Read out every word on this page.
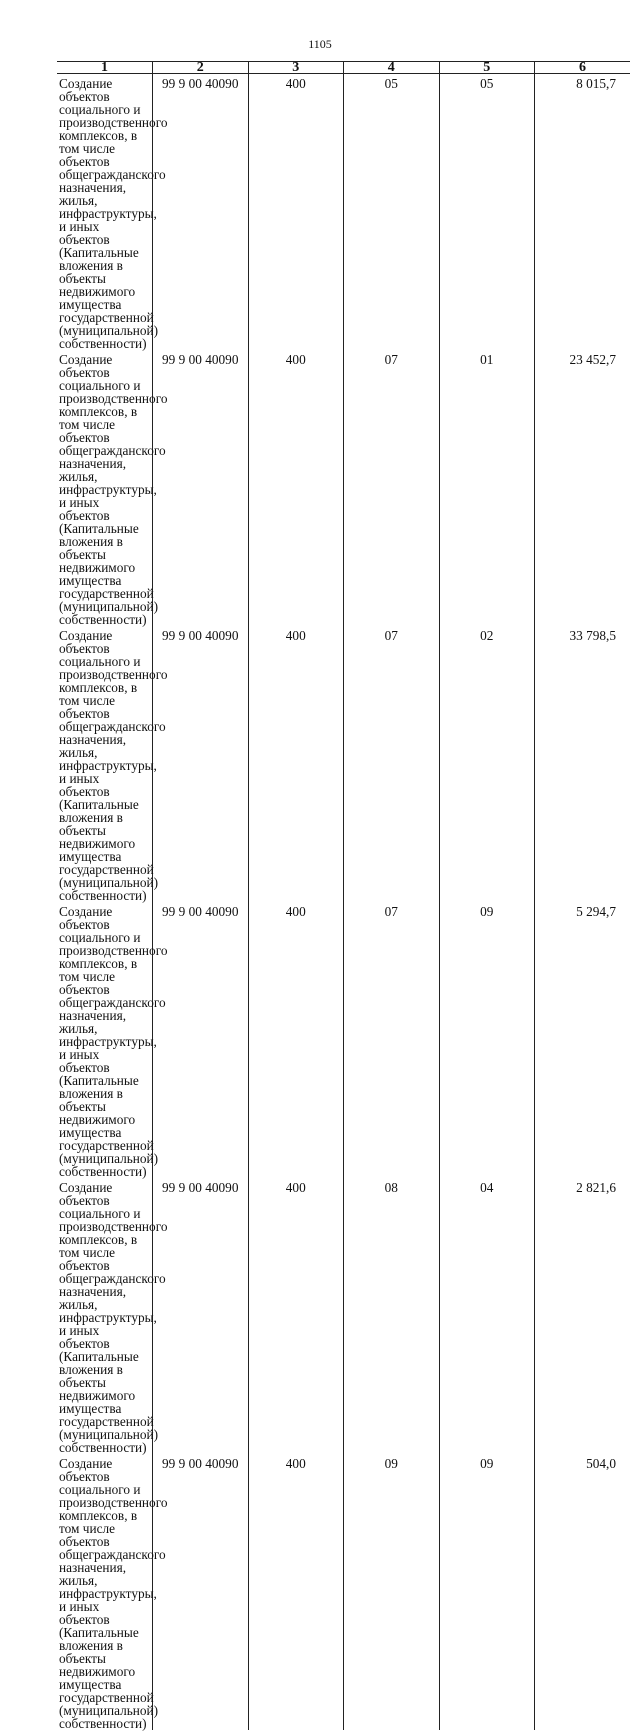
1105
1	2	3	4	5	6

Создание объектов социального и производственного комплексов, в том числе объектов общегражданского назначения, жилья, инфраструктуры, и иных объектов (Капитальные вложения в объекты недвижимого имущества государственной (муниципальной) собственности)	99 9 00 40090	400	05	05	8 015,7

Создание объектов социального и производственного комплексов, в том числе объектов общегражданского назначения, жилья, инфраструктуры, и иных объектов (Капитальные вложения в объекты недвижимого имущества государственной (муниципальной) собственности)	99 9 00 40090	400	07	01	23 452,7

Создание объектов социального и производственного комплексов, в том числе объектов общегражданского назначения, жилья, инфраструктуры, и иных объектов (Капитальные вложения в объекты недвижимого имущества государственной (муниципальной) собственности)	99 9 00 40090	400	07	02	33 798,5

Создание объектов социального и производственного комплексов, в том числе объектов общегражданского назначения, жилья, инфраструктуры, и иных объектов (Капитальные вложения в объекты недвижимого имущества государственной (муниципальной) собственности)	99 9 00 40090	400	07	09	5 294,7

Создание объектов социального и производственного комплексов, в том числе объектов общегражданского назначения, жилья, инфраструктуры, и иных объектов (Капитальные вложения в объекты недвижимого имущества государственной (муниципальной) собственности)	99 9 00 40090	400	08	04	2 821,6

Создание объектов социального и производственного комплексов, в том числе объектов общегражданского назначения, жилья, инфраструктуры, и иных объектов (Капитальные вложения в объекты недвижимого имущества государственной (муниципальной) собственности)	99 9 00 40090	400	09	09	504,0
